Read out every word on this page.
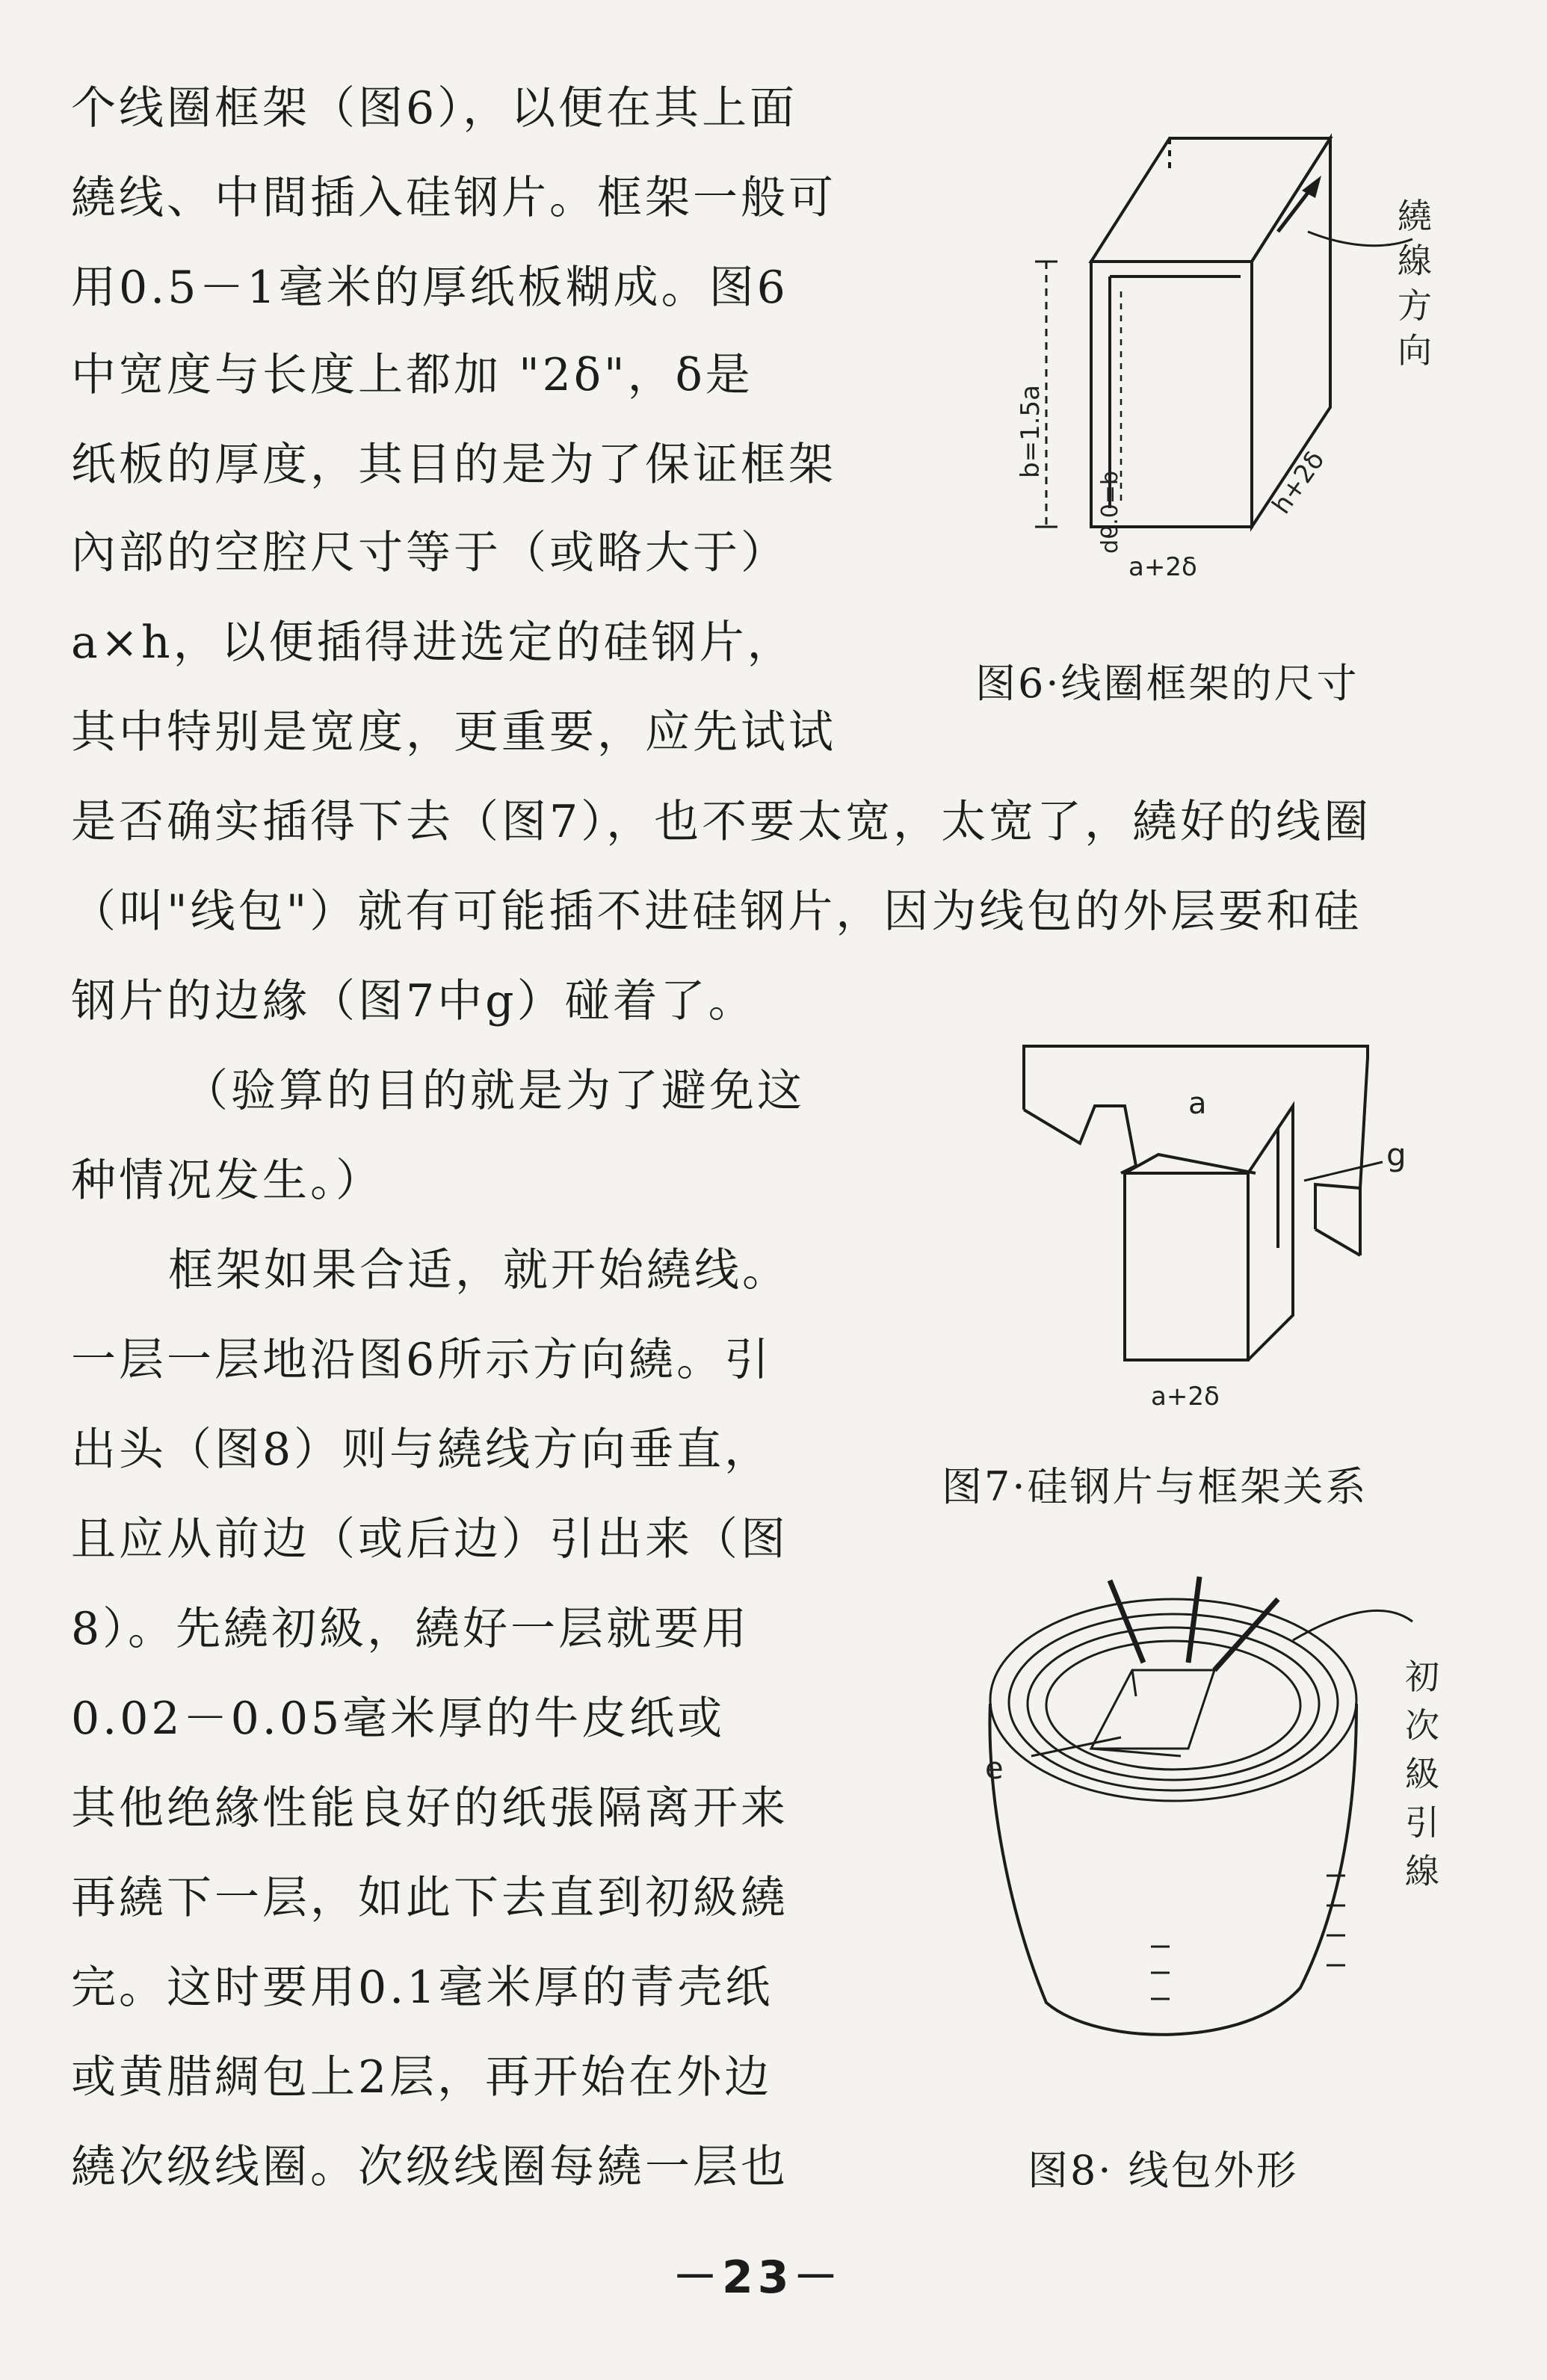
个线圈框架（图6），以便在其上面
繞线、中間插入硅钢片。框架一般可
用0.5－1毫米的厚纸板糊成。图6
中宽度与长度上都加 "2δ"，δ是
纸板的厚度，其目的是为了保证框架
內部的空腔尺寸等于（或略大于）
a×h，以便插得进选定的硅钢片，
其中特别是宽度，更重要，应先试试
是否确实插得下去（图7），也不要太宽，太宽了，繞好的线圈
（叫"线包"）就有可能插不进硅钢片，因为线包的外层要和硅
钢片的边緣（图7中g）碰着了。
（验算的目的就是为了避免这
种情况发生。）
框架如果合适，就开始繞线。
一层一层地沿图6所示方向繞。引
出头（图8）则与繞线方向垂直，
且应从前边（或后边）引出来（图
8）。先繞初級，繞好一层就要用
0.02－0.05毫米厚的牛皮纸或
其他绝緣性能良好的纸張隔离开来
再繞下一层，如此下去直到初級繞
完。这时要用0.1毫米厚的青壳纸
或黄腊綢包上2层，再开始在外边
繞次级线圈。次级线圈每繞一层也
b=1.5a
d=0.9b
a+2δ
h+2δ
繞
線
方
向
图6·线圈框架的尺寸
a
g
a+2δ
图7·硅钢片与框架关系
e
初
次
級
引
線
图8· 线包外形
－23－
